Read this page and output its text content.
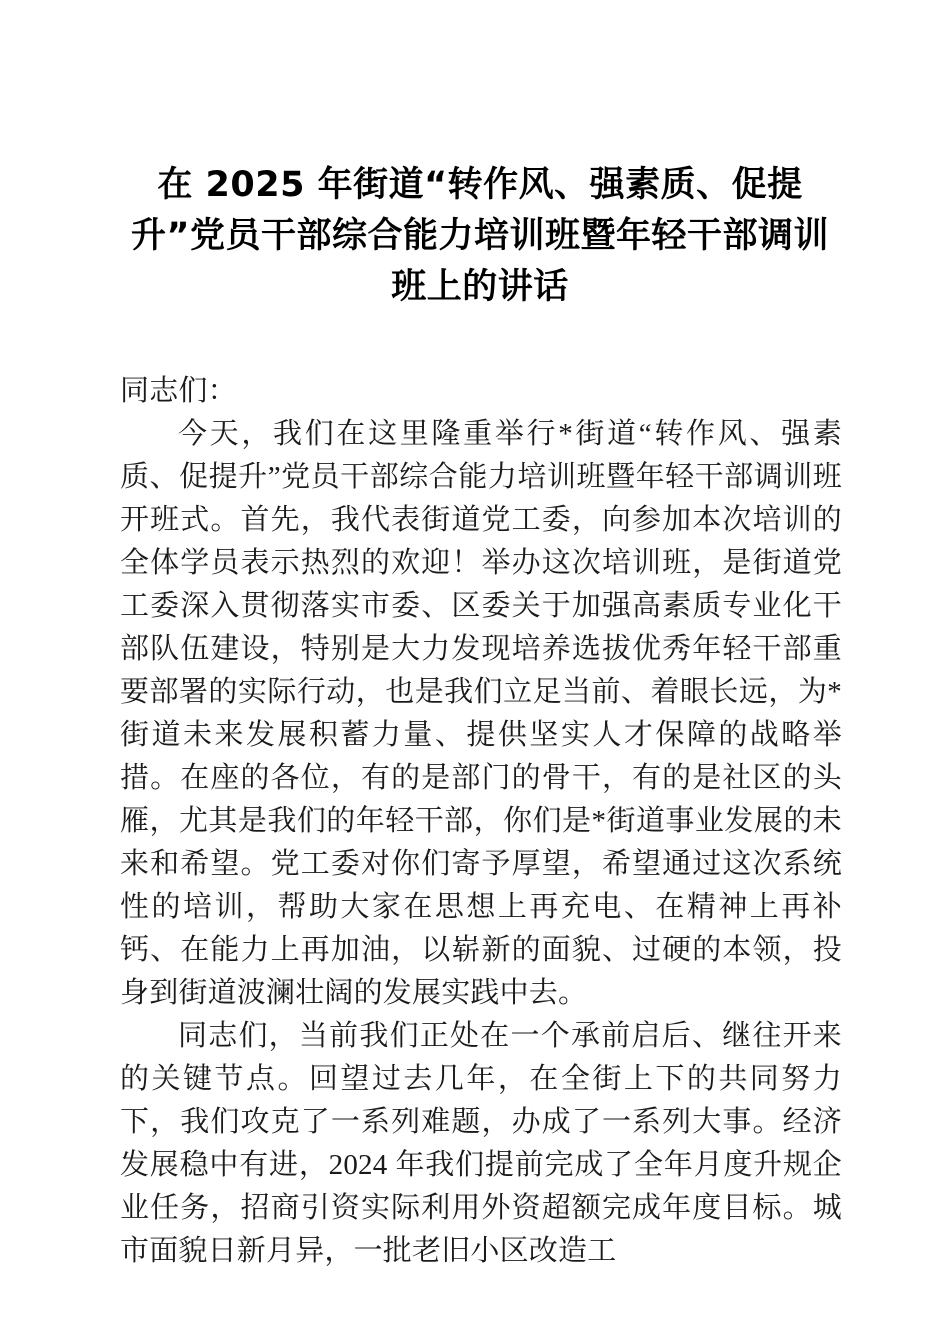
在 2025 年街道“转作风、强素质、促提升”党员干部综合能力培训班暨年轻干部调训班上的讲话

同志们：

今天，我们在这里隆重举行*街道“转作风、强素质、促提升”党员干部综合能力培训班暨年轻干部调训班开班式。首先，我代表街道党工委，向参加本次培训的全体学员表示热烈的欢迎！举办这次培训班，是街道党工委深入贯彻落实市委、区委关于加强高素质专业化干部队伍建设，特别是大力发现培养选拔优秀年轻干部重要部署的实际行动，也是我们立足当前、着眼长远，为*街道未来发展积蓄力量、提供坚实人才保障的战略举措。在座的各位，有的是部门的骨干，有的是社区的头雁，尤其是我们的年轻干部，你们是*街道事业发展的未来和希望。党工委对你们寄予厚望，希望通过这次系统性的培训，帮助大家在思想上再充电、在精神上再补钙、在能力上再加油，以崭新的面貌、过硬的本领，投身到街道波澜壮阔的发展实践中去。

同志们，当前我们正处在一个承前启后、继往开来的关键节点。回望过去几年，在全街上下的共同努力下，我们攻克了一系列难题，办成了一系列大事。经济发展稳中有进，2024 年我们提前完成了全年月度升规企业任务，招商引资实际利用外资超额完成年度目标。城市面貌日新月异，一批老旧小区改造工
